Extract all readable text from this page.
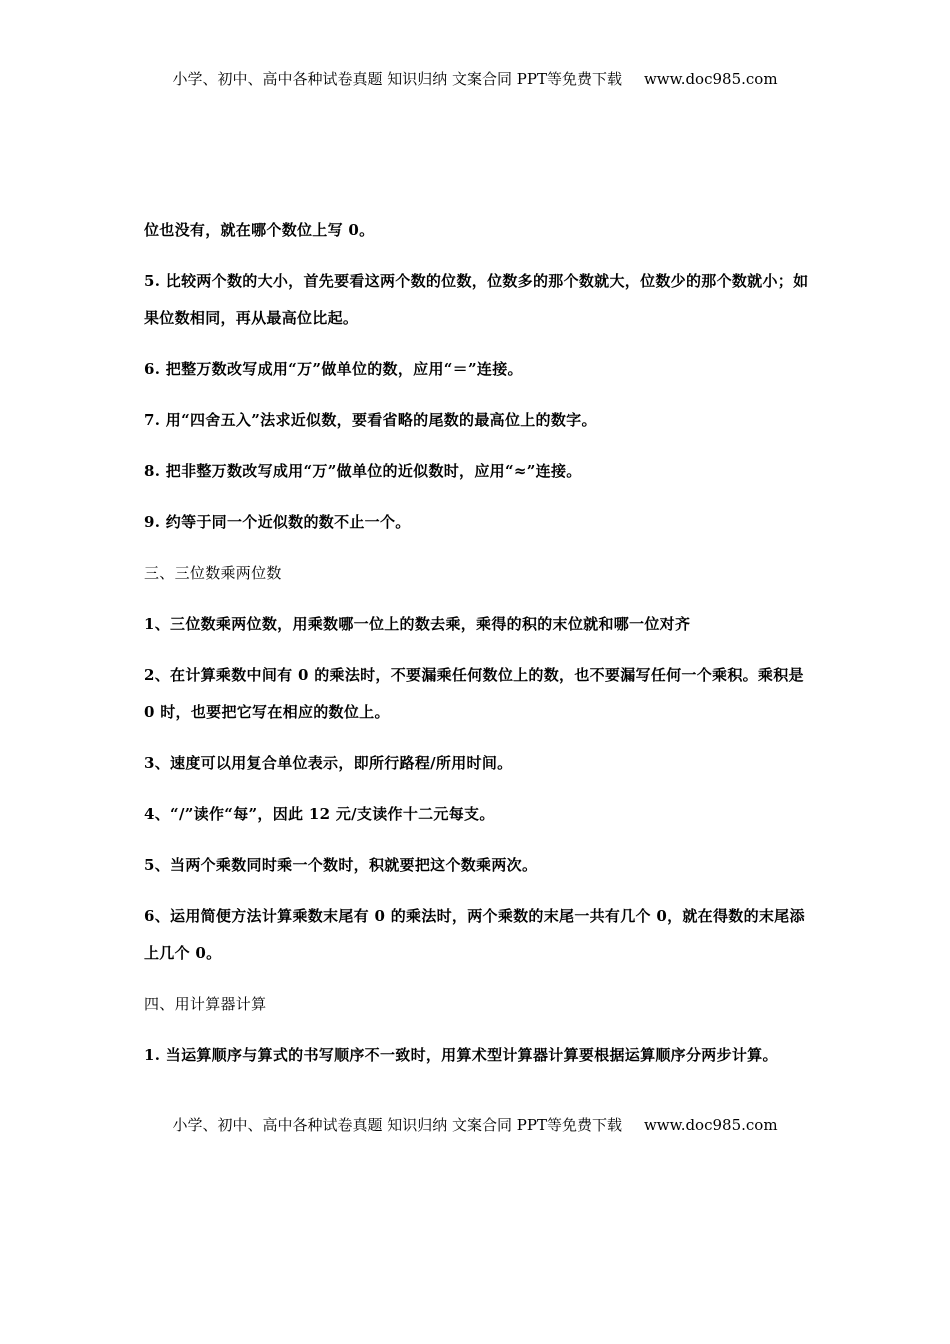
小学、初中、高中各种试卷真题 知识归纳 文案合同 PPT等免费下载 www.doc985.com

位也没有，就在哪个数位上写 0。

5. 比较两个数的大小，首先要看这两个数的位数，位数多的那个数就大，位数少的那个数就小；如果位数相同，再从最高位比起。

6. 把整万数改写成用“万”做单位的数，应用“＝”连接。

7. 用“四舍五入”法求近似数，要看省略的尾数的最高位上的数字。

8. 把非整万数改写成用“万”做单位的近似数时，应用“≈”连接。

9. 约等于同一个近似数的数不止一个。

三、三位数乘两位数

1、三位数乘两位数，用乘数哪一位上的数去乘，乘得的积的末位就和哪一位对齐

2、在计算乘数中间有 0 的乘法时，不要漏乘任何数位上的数，也不要漏写任何一个乘积。乘积是 0 时，也要把它写在相应的数位上。

3、速度可以用复合单位表示，即所行路程/所用时间。

4、“/”读作“每”，因此 12 元/支读作十二元每支。

5、当两个乘数同时乘一个数时，积就要把这个数乘两次。

6、运用简便方法计算乘数末尾有 0 的乘法时，两个乘数的末尾一共有几个 0，就在得数的末尾添上几个 0。

四、用计算器计算

1. 当运算顺序与算式的书写顺序不一致时，用算术型计算器计算要根据运算顺序分两步计算。

小学、初中、高中各种试卷真题 知识归纳 文案合同 PPT等免费下载 www.doc985.com
